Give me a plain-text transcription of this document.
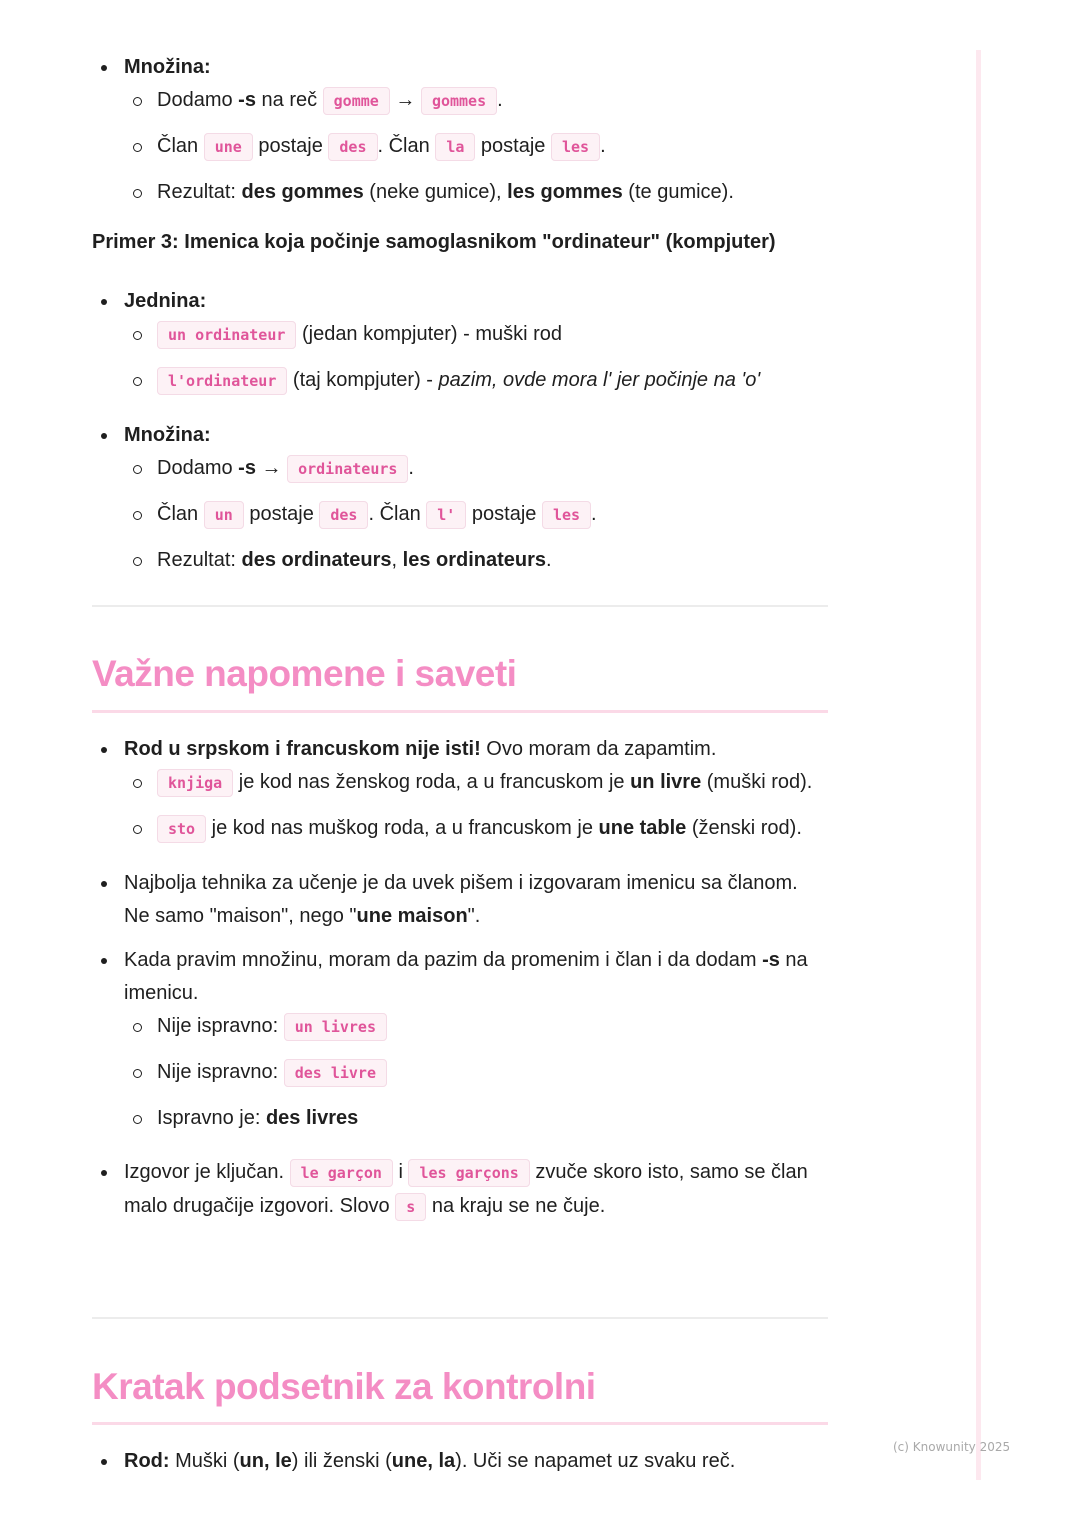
(c) Knowunity 2025
Množina:
Dodamo -s na reč gomme → gommes .
Član une postaje des . Član la postaje les .
Rezultat: des gommes (neke gumice), les gommes (te gumice).
Primer 3: Imenica koja počinje samoglasnikom "ordinateur" (kompjuter)
Jednina:
un ordinateur (jedan kompjuter) - muški rod
l'ordinateur (taj kompjuter) - pazim, ovde mora l' jer počinje na 'o'
Množina:
Dodamo -s → ordinateurs .
Član un postaje des . Član l' postaje les .
Rezultat: des ordinateurs, les ordinateurs.
Važne napomene i saveti
Rod u srpskom i francuskom nije isti! Ovo moram da zapamtim.
knjiga je kod nas ženskog roda, a u francuskom je un livre (muški rod).
sto je kod nas muškog roda, a u francuskom je une table (ženski rod).
Najbolja tehnika za učenje je da uvek pišem i izgovaram imenicu sa članom. Ne samo "maison", nego "une maison".
Kada pravim množinu, moram da pazim da promenim i član i da dodam -s na imenicu.
Nije ispravno: un livres
Nije ispravno: des livre
Ispravno je: des livres
Izgovor je ključan. le garçon i les garçons zvuče skoro isto, samo se član malo drugačije izgovori. Slovo s na kraju se ne čuje.
Kratak podsetnik za kontrolni
Rod: Muški (un, le) ili ženski (une, la). Uči se napamet uz svaku reč.
